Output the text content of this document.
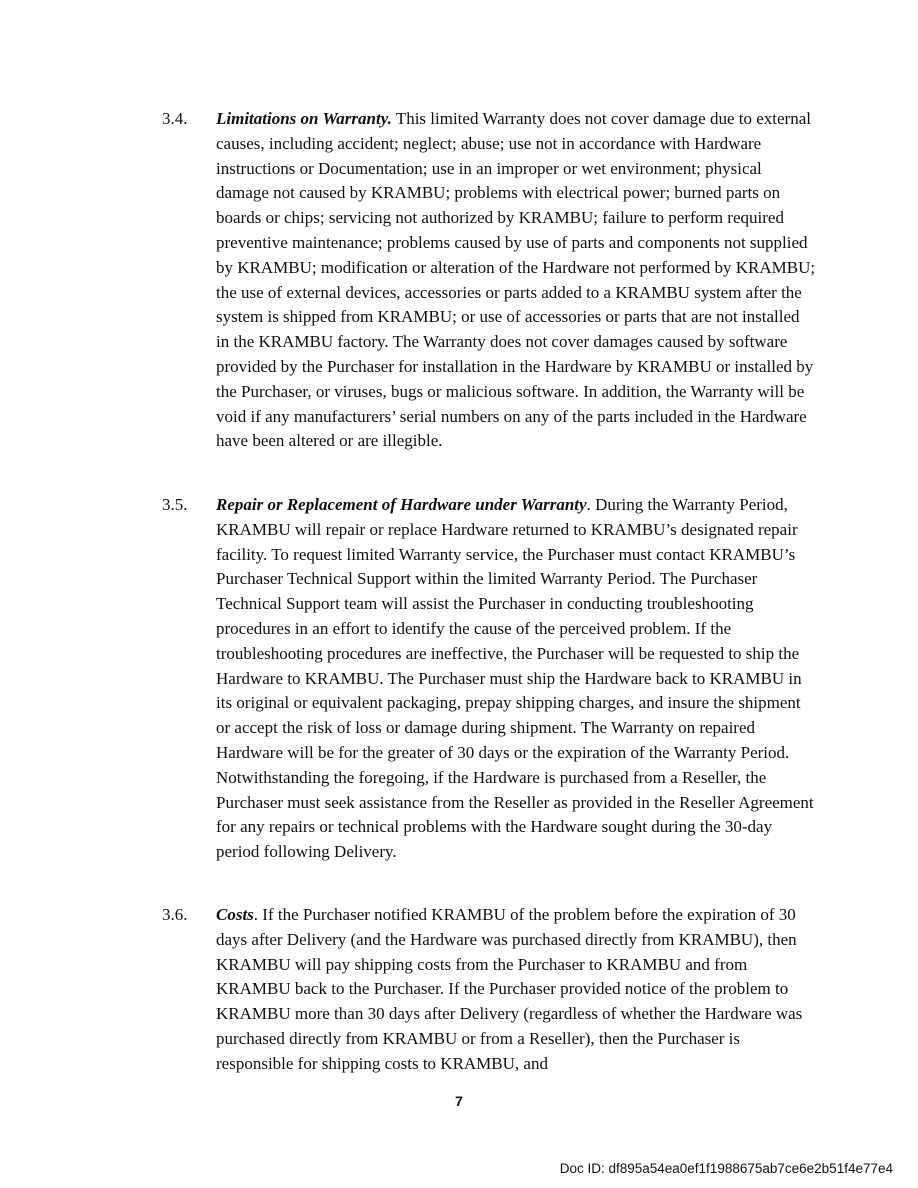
3.4. Limitations on Warranty. This limited Warranty does not cover damage due to external causes, including accident; neglect; abuse; use not in accordance with Hardware instructions or Documentation; use in an improper or wet environment; physical damage not caused by KRAMBU; problems with electrical power; burned parts on boards or chips; servicing not authorized by KRAMBU; failure to perform required preventive maintenance; problems caused by use of parts and components not supplied by KRAMBU; modification or alteration of the Hardware not performed by KRAMBU; the use of external devices, accessories or parts added to a KRAMBU system after the system is shipped from KRAMBU; or use of accessories or parts that are not installed in the KRAMBU factory. The Warranty does not cover damages caused by software provided by the Purchaser for installation in the Hardware by KRAMBU or installed by the Purchaser, or viruses, bugs or malicious software. In addition, the Warranty will be void if any manufacturers’ serial numbers on any of the parts included in the Hardware have been altered or are illegible.
3.5. Repair or Replacement of Hardware under Warranty. During the Warranty Period, KRAMBU will repair or replace Hardware returned to KRAMBU’s designated repair facility. To request limited Warranty service, the Purchaser must contact KRAMBU’s Purchaser Technical Support within the limited Warranty Period. The Purchaser Technical Support team will assist the Purchaser in conducting troubleshooting procedures in an effort to identify the cause of the perceived problem. If the troubleshooting procedures are ineffective, the Purchaser will be requested to ship the Hardware to KRAMBU. The Purchaser must ship the Hardware back to KRAMBU in its original or equivalent packaging, prepay shipping charges, and insure the shipment or accept the risk of loss or damage during shipment. The Warranty on repaired Hardware will be for the greater of 30 days or the expiration of the Warranty Period. Notwithstanding the foregoing, if the Hardware is purchased from a Reseller, the Purchaser must seek assistance from the Reseller as provided in the Reseller Agreement for any repairs or technical problems with the Hardware sought during the 30-day period following Delivery.
3.6. Costs. If the Purchaser notified KRAMBU of the problem before the expiration of 30 days after Delivery (and the Hardware was purchased directly from KRAMBU), then KRAMBU will pay shipping costs from the Purchaser to KRAMBU and from KRAMBU back to the Purchaser. If the Purchaser provided notice of the problem to KRAMBU more than 30 days after Delivery (regardless of whether the Hardware was purchased directly from KRAMBU or from a Reseller), then the Purchaser is responsible for shipping costs to KRAMBU, and
7
Doc ID: df895a54ea0ef1f1988675ab7ce6e2b51f4e77e4
